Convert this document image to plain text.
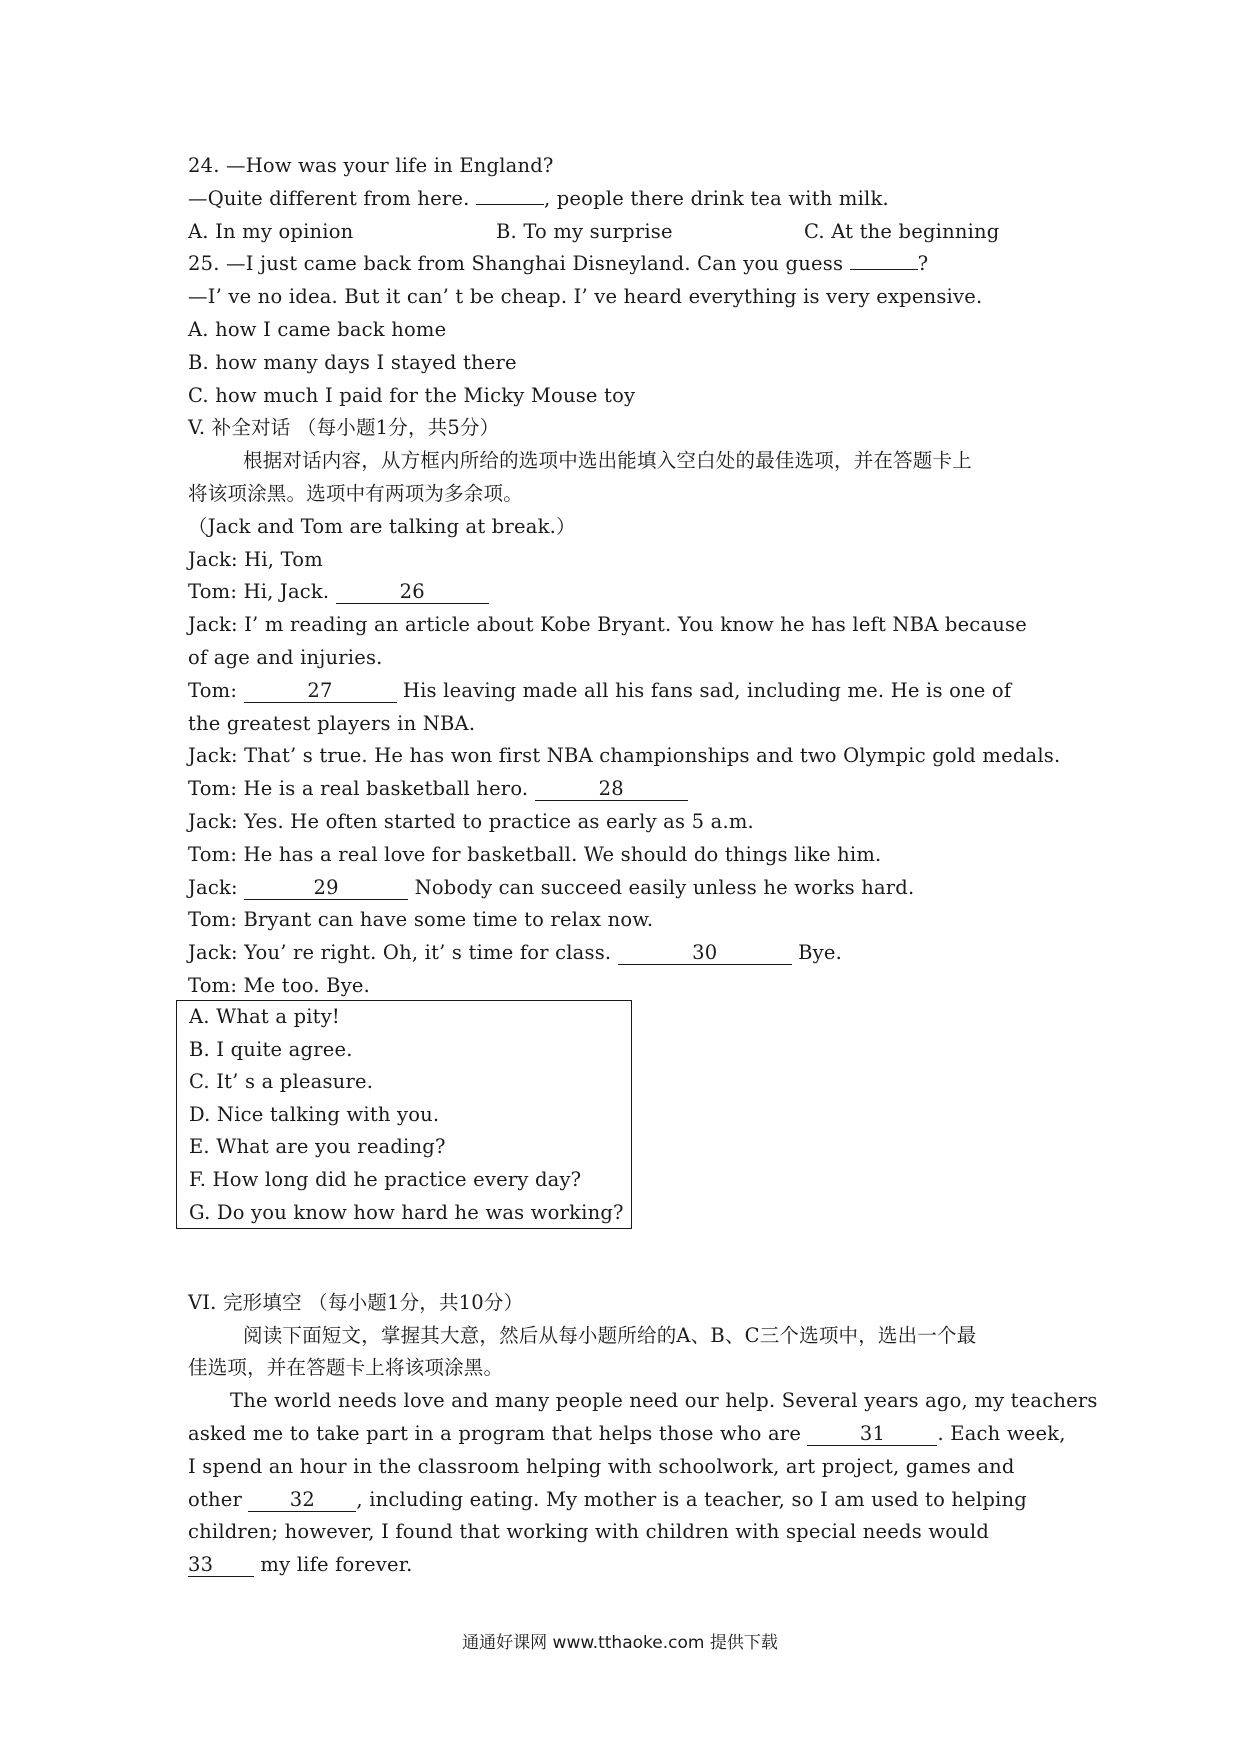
24. —How was your life in England?
—Quite different from here.	, people there drink tea with milk.
A. In my opinion	B. To my surprise	C. At the beginning
25. —I just came back from Shanghai Disneyland. Can you guess	?
—I’ ve no idea. But it can’ t be cheap. I’ ve heard everything is very expensive.
A. how I came back home
B. how many days I stayed there
C. how much I paid for the Micky Mouse toy
V. 补全对话 （每小题1分，共5分）
根据对话内容，从方框内所给的选项中选出能填入空白处的最佳选项，并在答题卡上
将该项涂黑。选项中有两项为多余项。
（Jack and Tom are talking at break.）
Jack: Hi, Tom
Tom: Hi, Jack.	26
Jack: I’ m reading an article about Kobe Bryant. You know he has left NBA because
of age and injuries.
Tom:	27	His leaving made all his fans sad, including me. He is one of
the greatest players in NBA.
Jack: That’ s true. He has won first NBA championships and two Olympic gold medals.
Tom: He is a real basketball hero.	28
Jack: Yes. He often started to practice as early as 5 a.m.
Tom: He has a real love for basketball. We should do things like him.
Jack:	29	Nobody can succeed easily unless he works hard.
Tom: Bryant can have some time to relax now.
Jack: You’ re right. Oh, it’ s time for class.	30	Bye.
Tom: Me too. Bye.
VI. 完形填空 （每小题1分，共10分）
阅读下面短文，掌握其大意，然后从每小题所给的A、B、C三个选项中，选出一个最
佳选项，并在答题卡上将该项涂黑。
The world needs love and many people need our help. Several years ago, my teachers
asked me to take part in a program that helps those who are	31	. Each week,
I spend an hour in the classroom helping with schoolwork, art project, games and
other 32 , including eating. My mother is a teacher, so I am used to helping
children; however, I found that working with children with special needs would
33 my life forever.
A. What a pity!
B. I quite agree.
C. It’ s a pleasure.
D. Nice talking with you.
E. What are you reading?
F. How long did he practice every day?
G. Do you know how hard he was working?
通通好课网 www.tthaoke.com 提供下载
